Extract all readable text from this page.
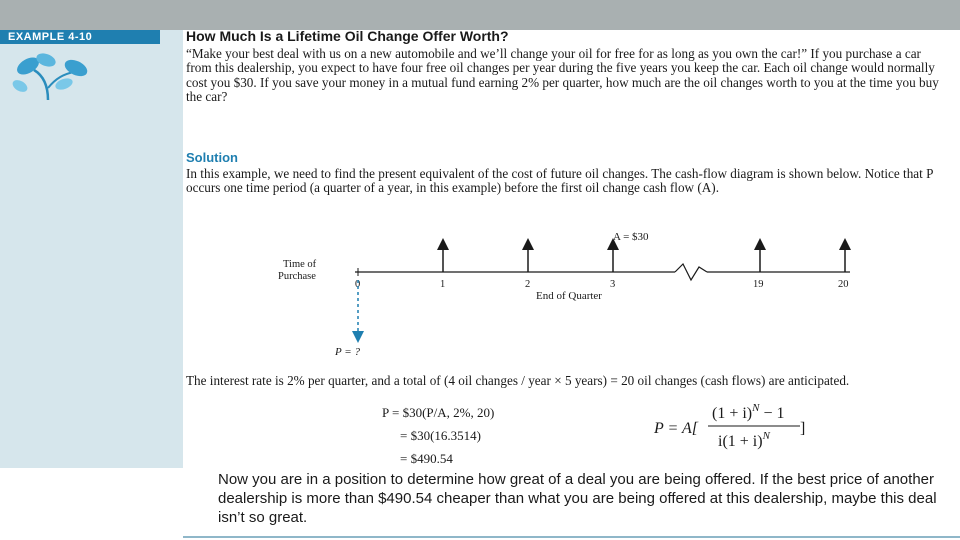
EXAMPLE 4-10	How Much Is a Lifetime Oil Change Offer Worth?

“Make your best deal with us on a new automobile and we’ll change your oil for free for as long as you own the car!” If you purchase a car from this dealership, you expect to have four free oil changes per year during the five years you keep the car. Each oil change would normally cost you $30. If you save your money in a mutual fund earning 2% per quarter, how much are the oil changes worth to you at the time you buy the car?

Solution

In this example, we need to find the present equivalent of the cost of future oil changes. The cash-flow diagram is shown below. Notice that P occurs one time period (a quarter of a year, in this example) before the first oil change cash flow (A).

A = $30
Time of
Purchase
0	1	2	3	19	20
End of Quarter
P = ?

The interest rate is 2% per quarter, and a total of (4 oil changes / year × 5 years) = 20 oil changes (cash flows) are anticipated.

P = $30(P/A, 2%, 20)
= $30(16.3514)
= $490.54
P = A[
$(1 + i)^N - 1$
$i(1 + i)^N$ ]

Now you are in a position to determine how great of a deal you are being offered. If the best price of another dealership is more than $490.54 cheaper than what you are being offered at this dealership, maybe this deal isn’t so great.
